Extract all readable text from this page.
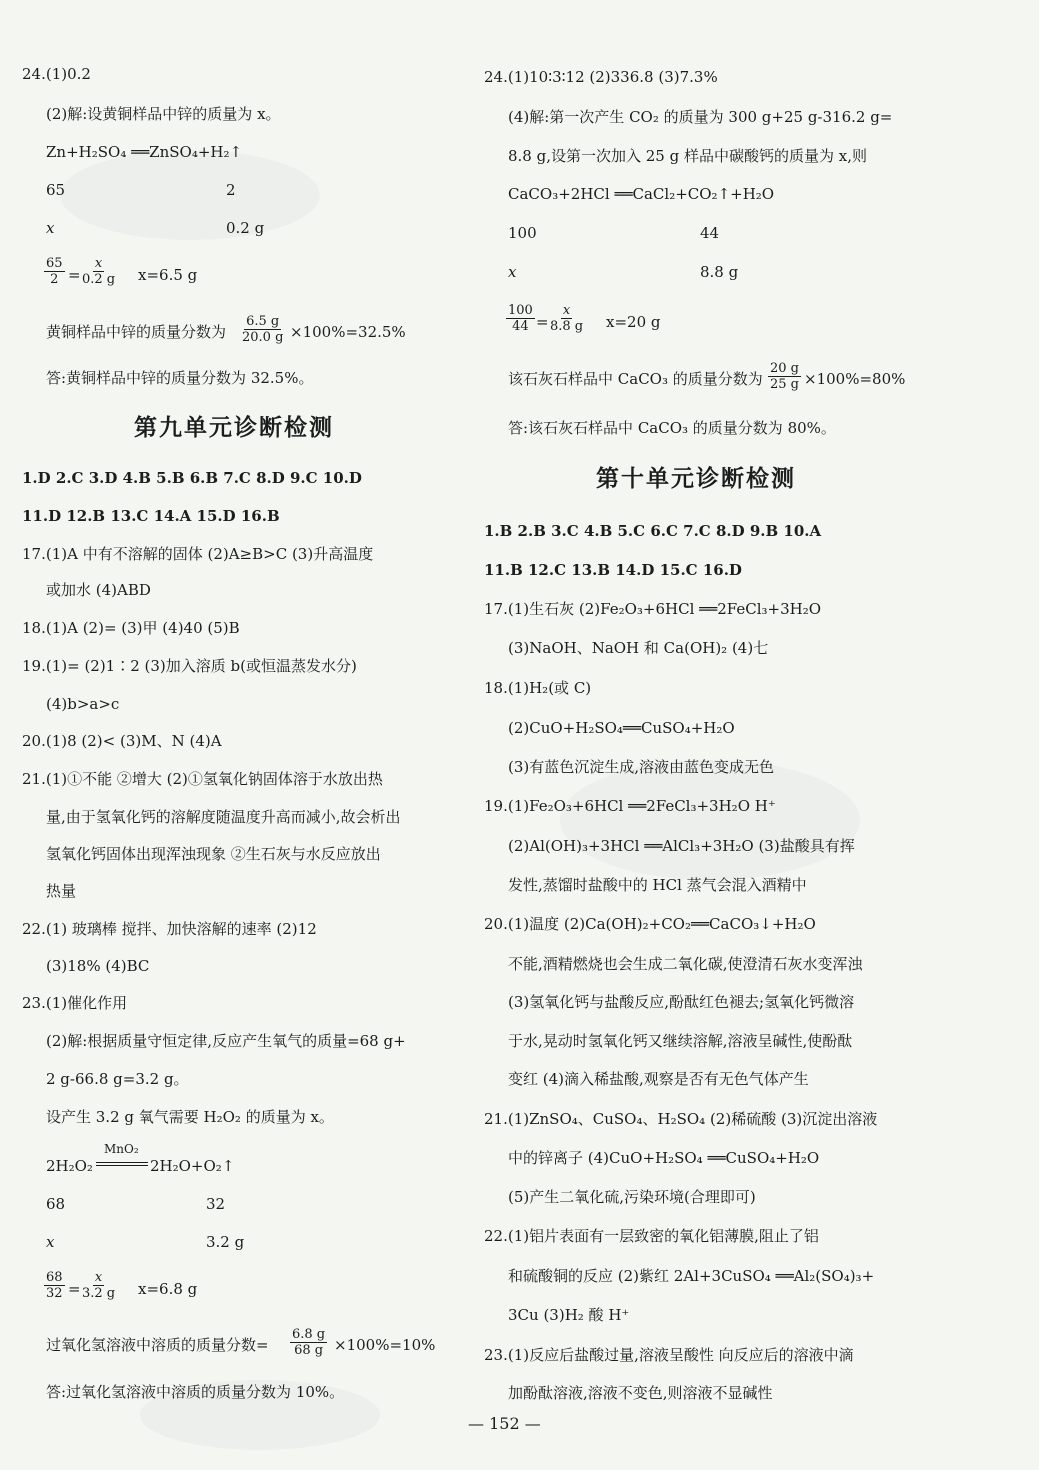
24.(1)0.2
(2)解:设黄铜样品中锌的质量为 x。
Zn+H₂SO₄ ══ZnSO₄+H₂↑
65	2
x	0.2 g
$\frac{65}{2} = \frac{x}{0.2 g} x=6.5$ g
黄铜样品中锌的质量分数为 $\frac{6.5 g}{20.0 g} \times 100\%=32.5\%$
答:黄铜样品中锌的质量分数为 32.5%。
第九单元诊断检测
1.D 2.C 3.D 4.B 5.B 6.B 7.C 8.D 9.C 10.D
11.D 12.B 13.C 14.A 15.D 16.B
17.(1)A 中有不溶解的固体 (2)A≥B>C (3)升高温度
或加水 (4)ABD
18.(1)A (2)= (3)甲 (4)40 (5)B
19.(1)= (2)1∶2 (3)加入溶质 b(或恒温蒸发水分)
(4)b>a>c
20.(1)8 (2)< (3)M、N (4)A
21.(1)①不能 ②增大 (2)①氢氧化钠固体溶于水放出热
量,由于氢氧化钙的溶解度随温度升高而减小,故会析出
氢氧化钙固体出现浑浊现象 ②生石灰与水反应放出
热量
22.(1) 玻璃棒 搅拌、加快溶解的速率 (2)12
(3)18% (4)BC
23.(1)催化作用
(2)解:根据质量守恒定律,反应产生氧气的质量=68 g+
2 g-66.8 g=3.2 g。
设产生 3.2 g 氧气需要 H₂O₂ 的质量为 x。
2H₂O₂
MnO₂
2H₂O+O₂↑
68	32
x	3.2 g
$\frac{68}{32} = \frac{x}{3.2 g} x=6.8$ g
过氧化氢溶液中溶质的质量分数= $\frac{6.8 g}{68 g} \times 100\%=10\%$
答:过氧化氢溶液中溶质的质量分数为 10%。
24.(1)10∶3∶12 (2)336.8 (3)7.3%
(4)解:第一次产生 CO₂ 的质量为 300 g+25 g-316.2 g=
8.8 g,设第一次加入 25 g 样品中碳酸钙的质量为 x,则
CaCO₃+2HCl ══CaCl₂+CO₂↑+H₂O
100	44
x	8.8 g
$\frac{100}{44} = \frac{x}{8.8 g} x=20$ g
该石灰石样品中 CaCO₃ 的质量分数为 $\frac{20 g}{25 g} \times 100\%=80\%$
答:该石灰石样品中 CaCO₃ 的质量分数为 80%。
第十单元诊断检测
1.B 2.B 3.C 4.B 5.C 6.C 7.C 8.D 9.B 10.A
11.B 12.C 13.B 14.D 15.C 16.D
17.(1)生石灰 (2)Fe₂O₃+6HCl ══2FeCl₃+3H₂O
(3)NaOH、NaOH 和 Ca(OH)₂ (4)七
18.(1)H₂(或 C)
(2)CuO+H₂SO₄══CuSO₄+H₂O
(3)有蓝色沉淀生成,溶液由蓝色变成无色
19.(1)Fe₂O₃+6HCl ══2FeCl₃+3H₂O H⁺
(2)Al(OH)₃+3HCl ══AlCl₃+3H₂O (3)盐酸具有挥
发性,蒸馏时盐酸中的 HCl 蒸气会混入酒精中
20.(1)温度 (2)Ca(OH)₂+CO₂══CaCO₃↓+H₂O
不能,酒精燃烧也会生成二氧化碳,使澄清石灰水变浑浊
(3)氢氧化钙与盐酸反应,酚酞红色褪去;氢氧化钙微溶
于水,晃动时氢氧化钙又继续溶解,溶液呈碱性,使酚酞
变红 (4)滴入稀盐酸,观察是否有无色气体产生
21.(1)ZnSO₄、CuSO₄、H₂SO₄ (2)稀硫酸 (3)沉淀出溶液
中的锌离子 (4)CuO+H₂SO₄ ══CuSO₄+H₂O
(5)产生二氧化硫,污染环境(合理即可)
22.(1)铝片表面有一层致密的氧化铝薄膜,阻止了铝
和硫酸铜的反应 (2)紫红 2Al+3CuSO₄ ══Al₂(SO₄)₃+
3Cu (3)H₂ 酸 H⁺
23.(1)反应后盐酸过量,溶液呈酸性 向反应后的溶液中滴
加酚酞溶液,溶液不变色,则溶液不显碱性
— 152 —
